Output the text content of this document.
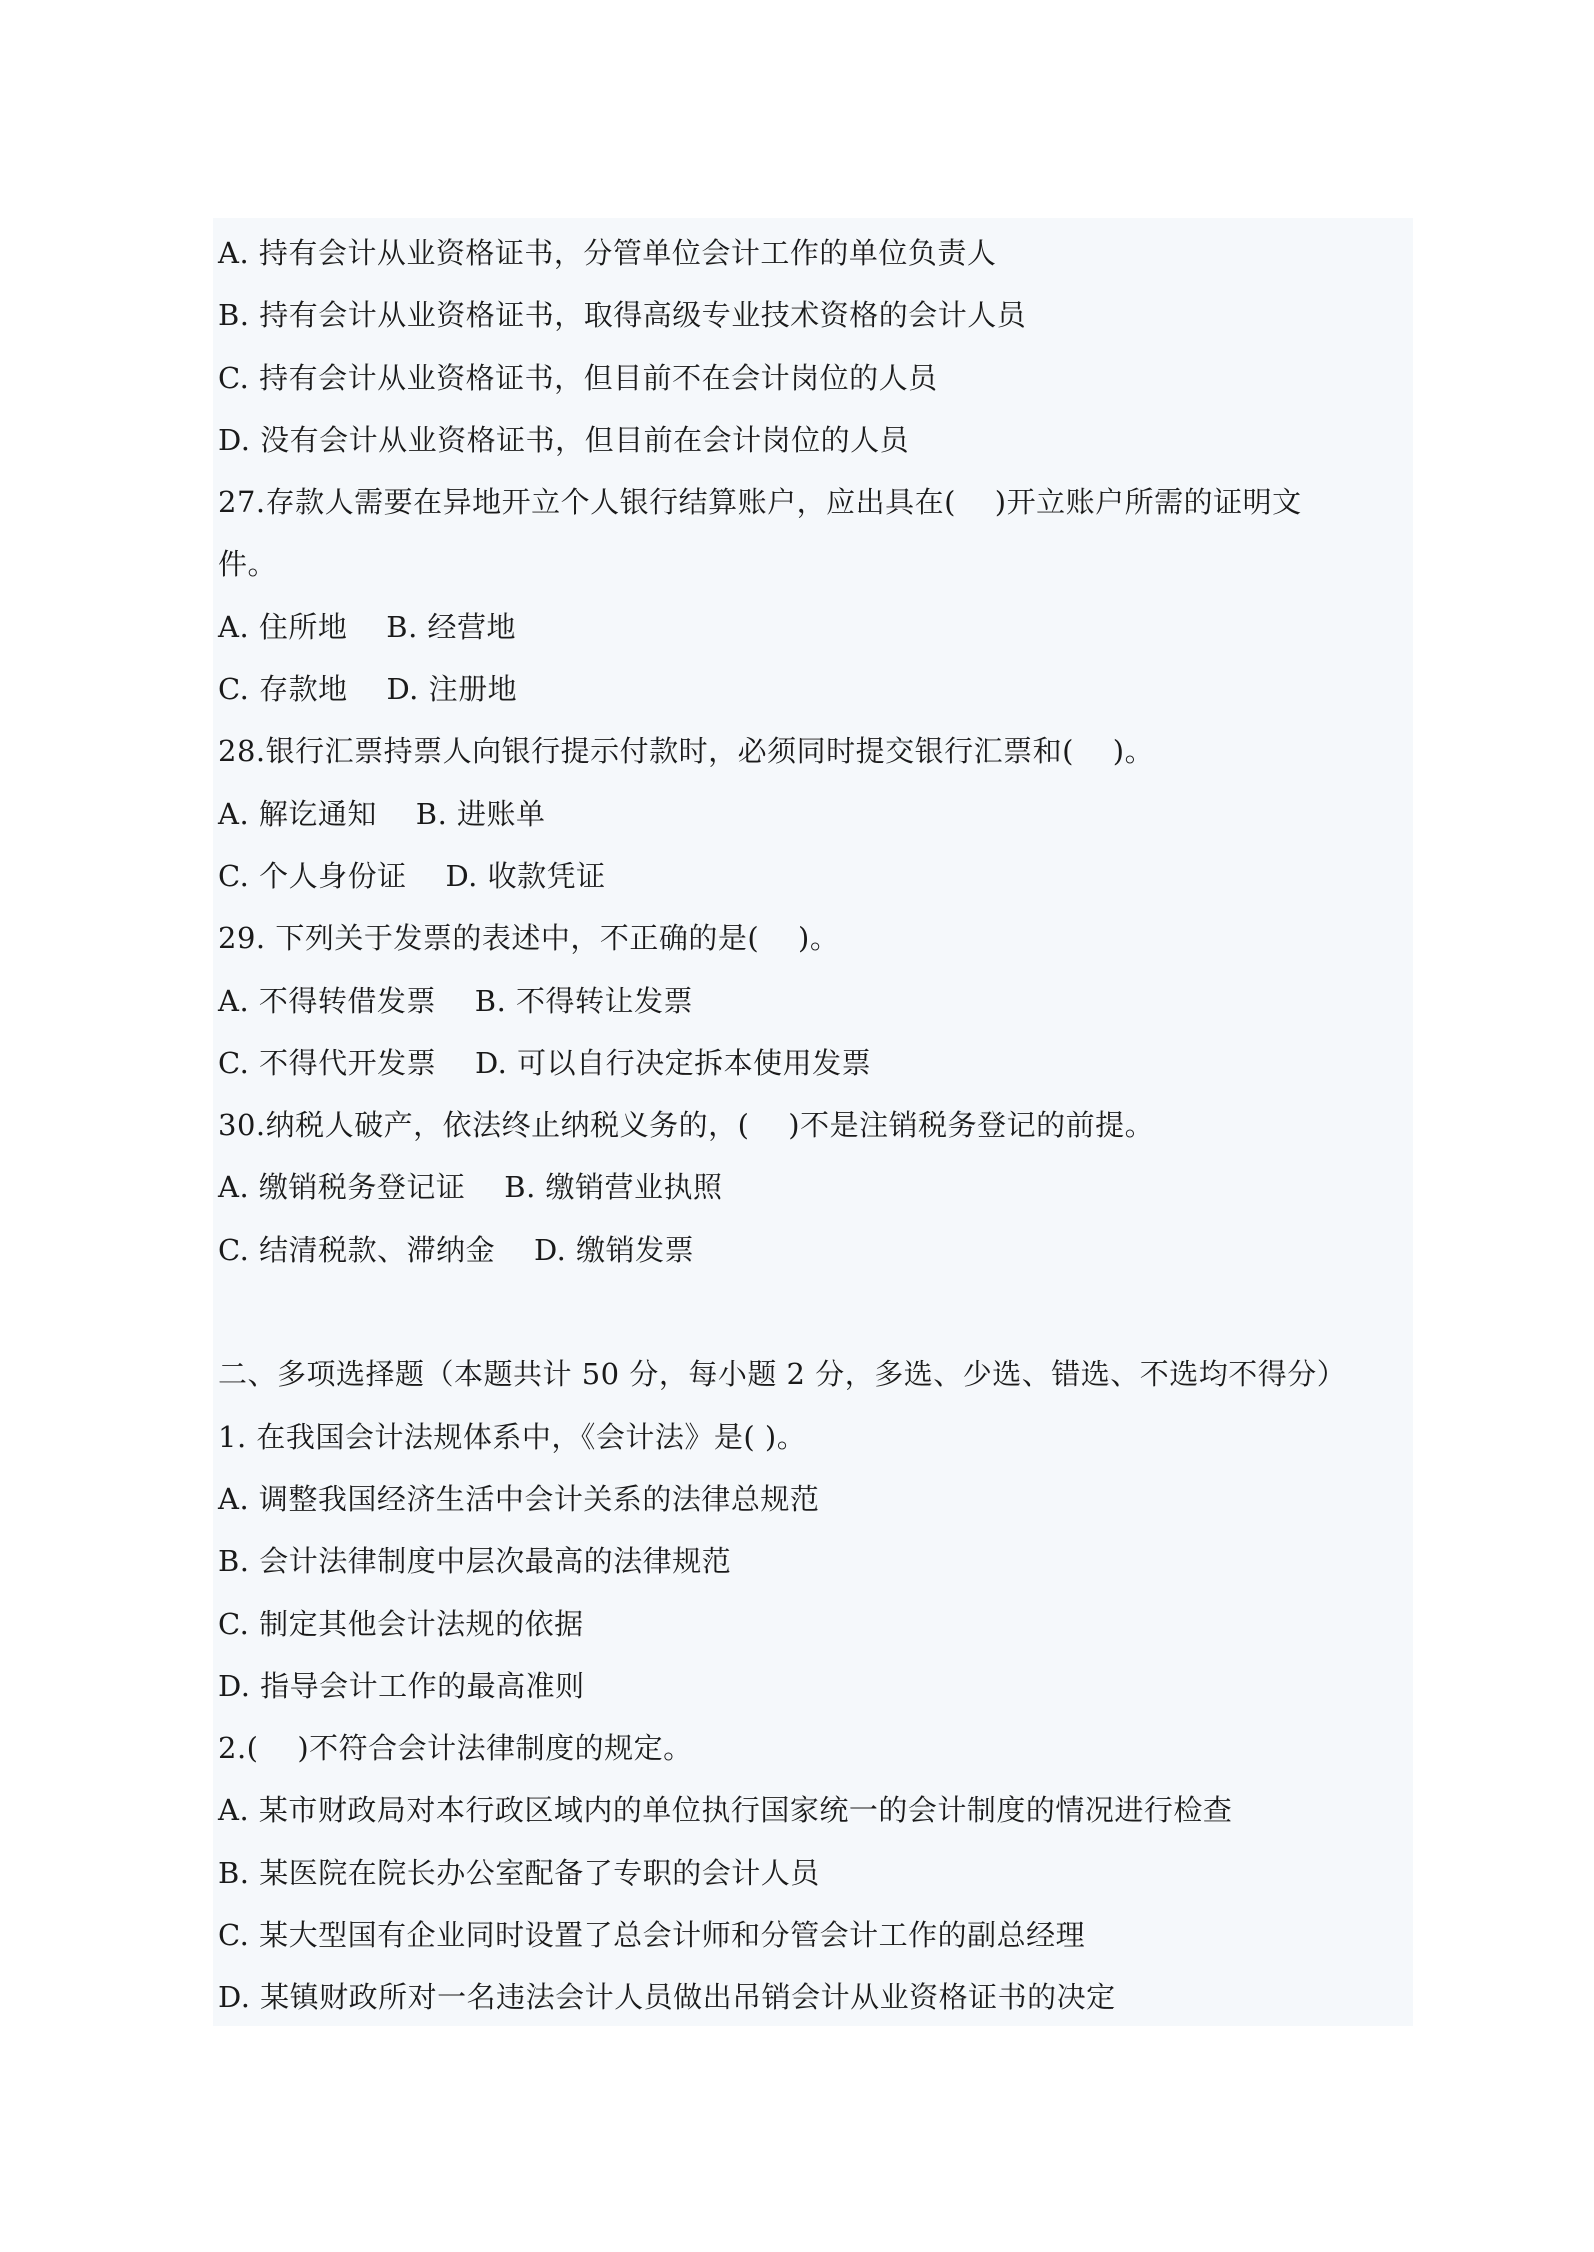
A. 持有会计从业资格证书，分管单位会计工作的单位负责人
B. 持有会计从业资格证书，取得高级专业技术资格的会计人员
C. 持有会计从业资格证书，但目前不在会计岗位的人员
D. 没有会计从业资格证书，但目前在会计岗位的人员
27.存款人需要在异地开立个人银行结算账户，应出具在(    )开立账户所需的证明文
件。
A. 住所地    B. 经营地
C. 存款地    D. 注册地
28.银行汇票持票人向银行提示付款时，必须同时提交银行汇票和(    )。
A. 解讫通知    B. 进账单
C. 个人身份证    D. 收款凭证
29. 下列关于发票的表述中，不正确的是(    )。
A. 不得转借发票    B. 不得转让发票
C. 不得代开发票    D. 可以自行决定拆本使用发票
30.纳税人破产，依法终止纳税义务的，(    )不是注销税务登记的前提。
A. 缴销税务登记证    B. 缴销营业执照
C. 结清税款、滞纳金    D. 缴销发票
二、多项选择题（本题共计 50 分，每小题 2 分，多选、少选、错选、不选均不得分）
1. 在我国会计法规体系中，《会计法》是( )。
A. 调整我国经济生活中会计关系的法律总规范
B. 会计法律制度中层次最高的法律规范
C. 制定其他会计法规的依据
D. 指导会计工作的最高准则
2.(    )不符合会计法律制度的规定。
A. 某市财政局对本行政区域内的单位执行国家统一的会计制度的情况进行检查
B. 某医院在院长办公室配备了专职的会计人员
C. 某大型国有企业同时设置了总会计师和分管会计工作的副总经理
D. 某镇财政所对一名违法会计人员做出吊销会计从业资格证书的决定
